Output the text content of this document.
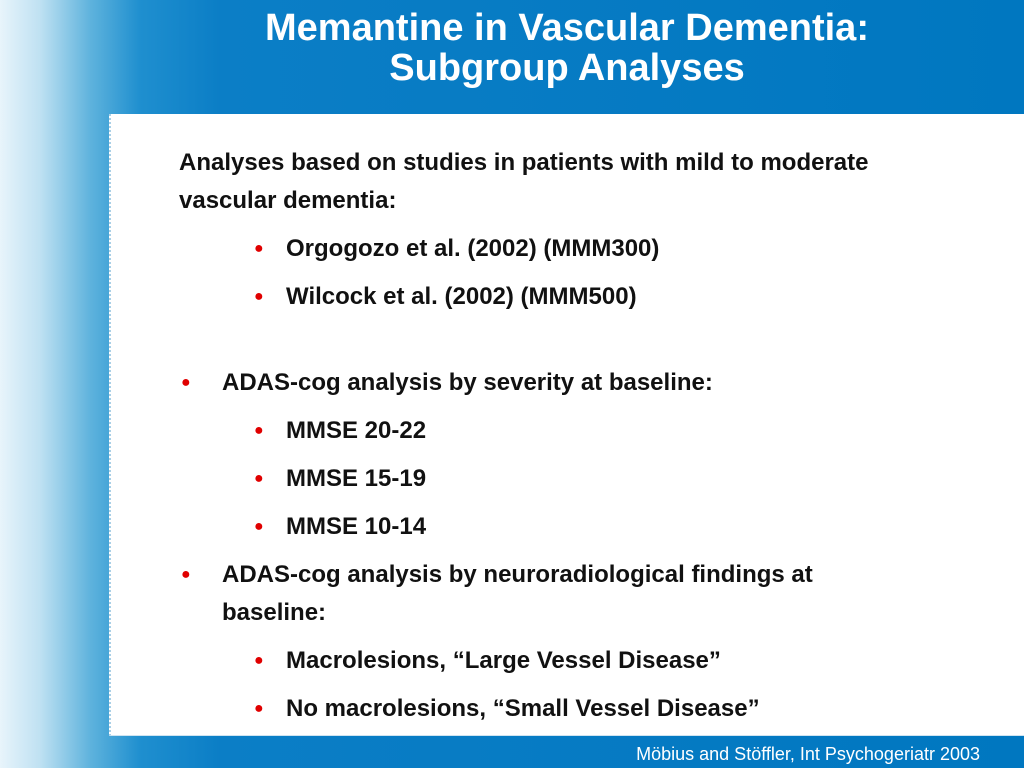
Memantine in Vascular Dementia:
Subgroup Analyses

Analyses based on studies in patients with mild to moderate

vascular dementia:

● Orgogozo et al. (2002) (MMM300)

● Wilcock et al. (2002) (MMM500)

● ADAS-cog analysis by severity at baseline:

● MMSE 20-22

● MMSE 15-19

● MMSE 10-14

● ADAS-cog analysis by neuroradiological findings at

baseline:

● Macrolesions, “Large Vessel Disease”

● No macrolesions, “Small Vessel Disease”

Möbius and Stöffler, Int Psychogeriatr 2003
